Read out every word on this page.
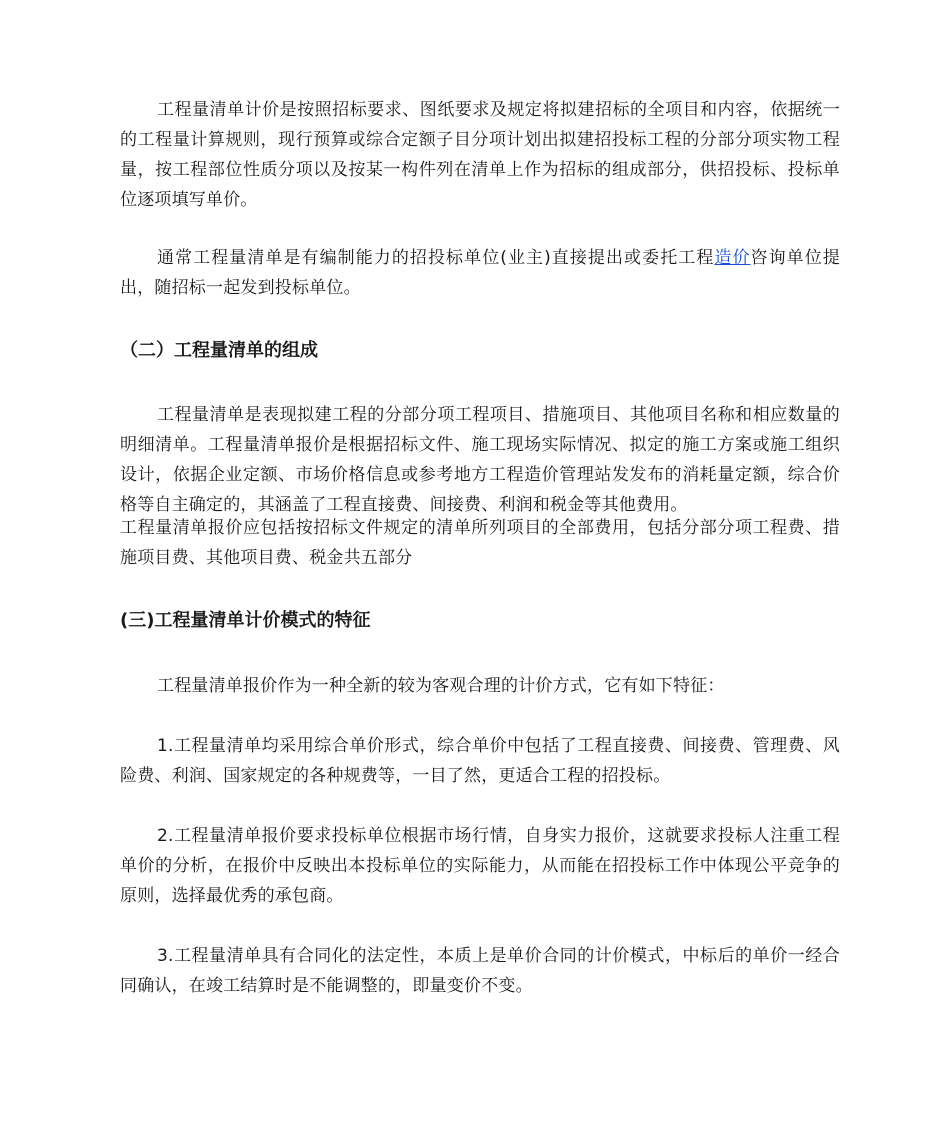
工程量清单计价是按照招标要求、图纸要求及规定将拟建招标的全项目和内容，依据统一的工程量计算规则，现行预算或综合定额子目分项计划出拟建招投标工程的分部分项实物工程量，按工程部位性质分项以及按某一构件列在清单上作为招标的组成部分，供招投标、投标单位逐项填写单价。

通常工程量清单是有编制能力的招投标单位(业主)直接提出或委托工程造价咨询单位提出，随招标一起发到投标单位。

（二）工程量清单的组成

工程量清单是表现拟建工程的分部分项工程项目、措施项目、其他项目名称和相应数量的明细清单。工程量清单报价是根据招标文件、施工现场实际情况、拟定的施工方案或施工组织设计，依据企业定额、市场价格信息或参考地方工程造价管理站发发布的消耗量定额，综合价格等自主确定的，其涵盖了工程直接费、间接费、利润和税金等其他费用。

工程量清单报价应包括按招标文件规定的清单所列项目的全部费用，包括分部分项工程费、措施项目费、其他项目费、税金共五部分

(三)工程量清单计价模式的特征

工程量清单报价作为一种全新的较为客观合理的计价方式，它有如下特征：

1.工程量清单均采用综合单价形式，综合单价中包括了工程直接费、间接费、管理费、风险费、利润、国家规定的各种规费等，一目了然，更适合工程的招投标。

2.工程量清单报价要求投标单位根据市场行情，自身实力报价，这就要求投标人注重工程单价的分析，在报价中反映出本投标单位的实际能力，从而能在招投标工作中体现公平竞争的原则，选择最优秀的承包商。

3.工程量清单具有合同化的法定性，本质上是单价合同的计价模式，中标后的单价一经合同确认，在竣工结算时是不能调整的，即量变价不变。
